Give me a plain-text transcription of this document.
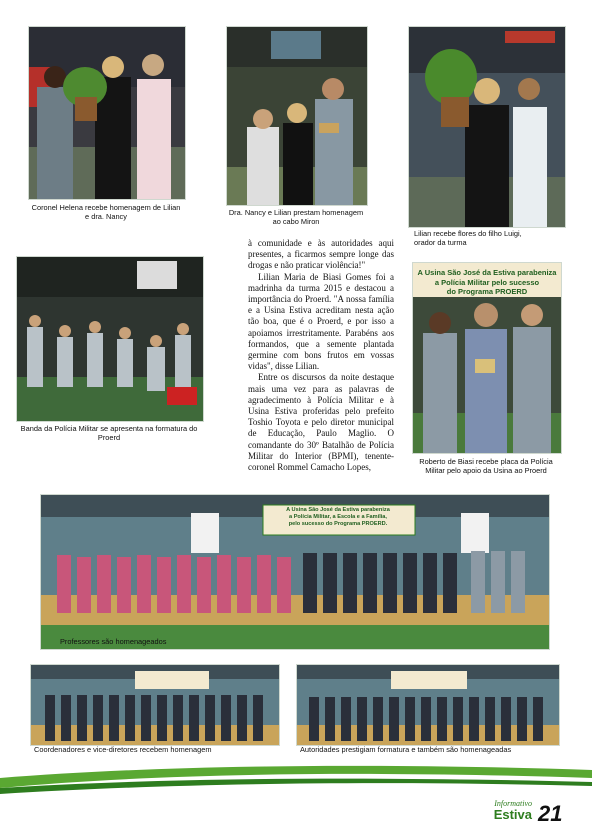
Coronel Helena recebe homenagem de Lilian e dra. Nancy	Dra. Nancy e Lilian prestam homenagem ao cabo Miron
Lilian recebe flores do filho Luigi, orador da turma
Banda da Polícia Militar se apresenta na formatura do Proerd

à comunidade e às autoridades aqui presentes, a ficarmos sempre longe das drogas e não praticar violência!"

Lilian Maria de Biasi Gomes foi a madrinha da turma 2015 e destacou a importância do Proerd. "A nossa família e a Usina Estiva acreditam nesta ação tão boa, que é o Proerd, e por isso a apoiamos irrestritamente. Parabéns aos formandos, que a semente plantada germine com bons frutos em vossas vidas", disse Lilian.

Entre os discursos da noite destaque mais uma vez para as palavras de agradecimento à Polícia Militar e à Usina Estiva proferidas pelo prefeito Toshio Toyota e pelo diretor municipal de Educação, Paulo Maglio. O comandante do 30º Batalhão de Polícia Militar do Interior (BPMI), tenente-coronel Rommel Camacho Lopes,

A Usina São José da Estiva parabeniza
a Polícia Militar pelo sucesso
do Programa PROERD
Roberto de Biasi recebe placa da Polícia Militar pelo apoio da Usina ao Proerd
A Usina São José da Estiva parabeniza
a Polícia Militar, a Escola e a Família,
pelo sucesso do Programa PROERD.
Professores são homenageados
Coordenadores e vice-diretores recebem homenagem	Autoridades prestigiam formatura e também são homenageadas
Informativo
Estiva 21
